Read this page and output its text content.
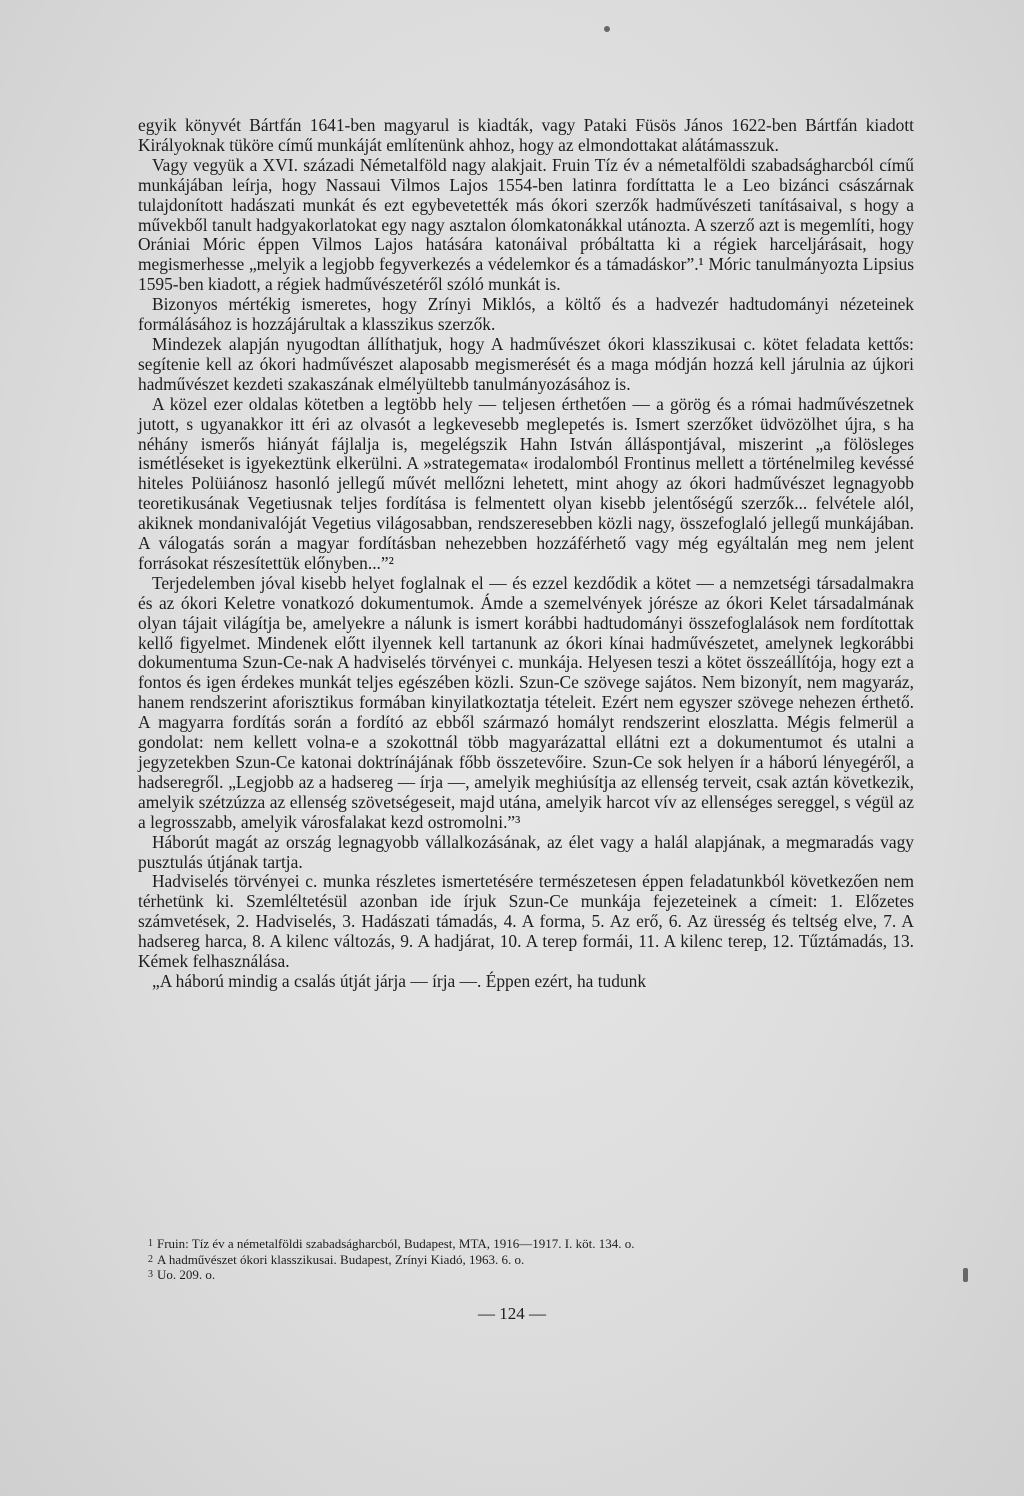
egyik könyvét Bártfán 1641-ben magyarul is kiadták, vagy Pataki Füsös János 1622-ben Bártfán kiadott Királyoknak tüköre című munkáját említenünk ahhoz, hogy az elmondottakat alátámasszuk.

Vagy vegyük a XVI. századi Németalföld nagy alakjait. Fruin Tíz év a németalföldi szabadságharcból című munkájában leírja, hogy Nassaui Vilmos Lajos 1554-ben latinra fordíttatta le a Leo bizánci császárnak tulajdonított hadászati munkát és ezt egybevetették más ókori szerzők hadművészeti tanításaival, s hogy a művekből tanult hadgyakorlatokat egy nagy asztalon ólomkatonákkal utánozta. A szerző azt is megemlíti, hogy Orániai Móric éppen Vilmos Lajos hatására katonáival próbáltatta ki a régiek harceljárásait, hogy megismerhesse „melyik a legjobb fegyverkezés a védelemkor és a támadáskor”.¹ Móric tanulmányozta Lipsius 1595-ben kiadott, a régiek hadművészetéről szóló munkát is.

Bizonyos mértékig ismeretes, hogy Zrínyi Miklós, a költő és a hadvezér hadtudományi nézeteinek formálásához is hozzájárultak a klasszikus szerzők.

Mindezek alapján nyugodtan állíthatjuk, hogy A hadművészet ókori klasszikusai c. kötet feladata kettős: segítenie kell az ókori hadművészet alaposabb megismerését és a maga módján hozzá kell járulnia az újkori hadművészet kezdeti szakaszának elmélyültebb tanulmányozásához is.

A közel ezer oldalas kötetben a legtöbb hely — teljesen érthetően — a görög és a római hadművészetnek jutott, s ugyanakkor itt éri az olvasót a legkevesebb meglepetés is. Ismert szerzőket üdvözölhet újra, s ha néhány ismerős hiányát fájlalja is, megelégszik Hahn István álláspontjával, miszerint „a fölösleges ismétléseket is igyekeztünk elkerülni. A »strategemata« irodalomból Frontinus mellett a történelmileg kevéssé hiteles Polüiánosz hasonló jellegű művét mellőzni lehetett, mint ahogy az ókori hadművészet legnagyobb teoretikusának Vegetiusnak teljes fordítása is felmentett olyan kisebb jelentőségű szerzők... felvétele alól, akiknek mondanivalóját Vegetius világosabban, rendszeresebben közli nagy, összefoglaló jellegű munkájában. A válogatás során a magyar fordításban nehezebben hozzáférhető vagy még egyáltalán meg nem jelent forrásokat részesítettük előnyben...”²

Terjedelemben jóval kisebb helyet foglalnak el — és ezzel kezdődik a kötet — a nemzetségi társadalmakra és az ókori Keletre vonatkozó dokumentumok. Ámde a szemelvények jórésze az ókori Kelet társadalmának olyan tájait világítja be, amelyekre a nálunk is ismert korábbi hadtudományi összefoglalások nem fordítottak kellő figyelmet. Mindenek előtt ilyennek kell tartanunk az ókori kínai hadművészetet, amelynek legkorábbi dokumentuma Szun-Ce-nak A hadviselés törvényei c. munkája. Helyesen teszi a kötet összeállítója, hogy ezt a fontos és igen érdekes munkát teljes egészében közli. Szun-Ce szövege sajátos. Nem bizonyít, nem magyaráz, hanem rendszerint aforisztikus formában kinyilatkoztatja tételeit. Ezért nem egyszer szövege nehezen érthető. A magyarra fordítás során a fordító az ebből származó homályt rendszerint eloszlatta. Mégis felmerül a gondolat: nem kellett volna-e a szokottnál több magyarázattal ellátni ezt a dokumentumot és utalni a jegyzetekben Szun-Ce katonai doktrínájának főbb összetevőire. Szun-Ce sok helyen ír a háború lényegéről, a hadseregről. „Legjobb az a hadsereg — írja —, amelyik meghiúsítja az ellenség terveit, csak aztán következik, amelyik szétzúzza az ellenség szövetségeseit, majd utána, amelyik harcot vív az ellenséges sereggel, s végül az a legrosszabb, amelyik városfalakat kezd ostromolni.”³

Háborút magát az ország legnagyobb vállalkozásának, az élet vagy a halál alapjának, a megmaradás vagy pusztulás útjának tartja.

Hadviselés törvényei c. munka részletes ismertetésére természetesen éppen feladatunkból következően nem térhetünk ki. Szemléltetésül azonban ide írjuk Szun-Ce munkája fejezeteinek a címeit: 1. Előzetes számvetések, 2. Hadviselés, 3. Hadászati támadás, 4. A forma, 5. Az erő, 6. Az üresség és teltség elve, 7. A hadsereg harca, 8. A kilenc változás, 9. A hadjárat, 10. A terep formái, 11. A kilenc terep, 12. Tűztámadás, 13. Kémek felhasználása.

„A háború mindig a csalás útját járja — írja —. Éppen ezért, ha tudunk

$^1$ Fruin: Tíz év a németalföldi szabadságharcból, Budapest, MTA, 1916—1917. I. köt. 134. o.
$^2$ A hadművészet ókori klasszikusai. Budapest, Zrínyi Kiadó, 1963. 6. o.
$^3$ Uo. 209. o.
— 124 —
